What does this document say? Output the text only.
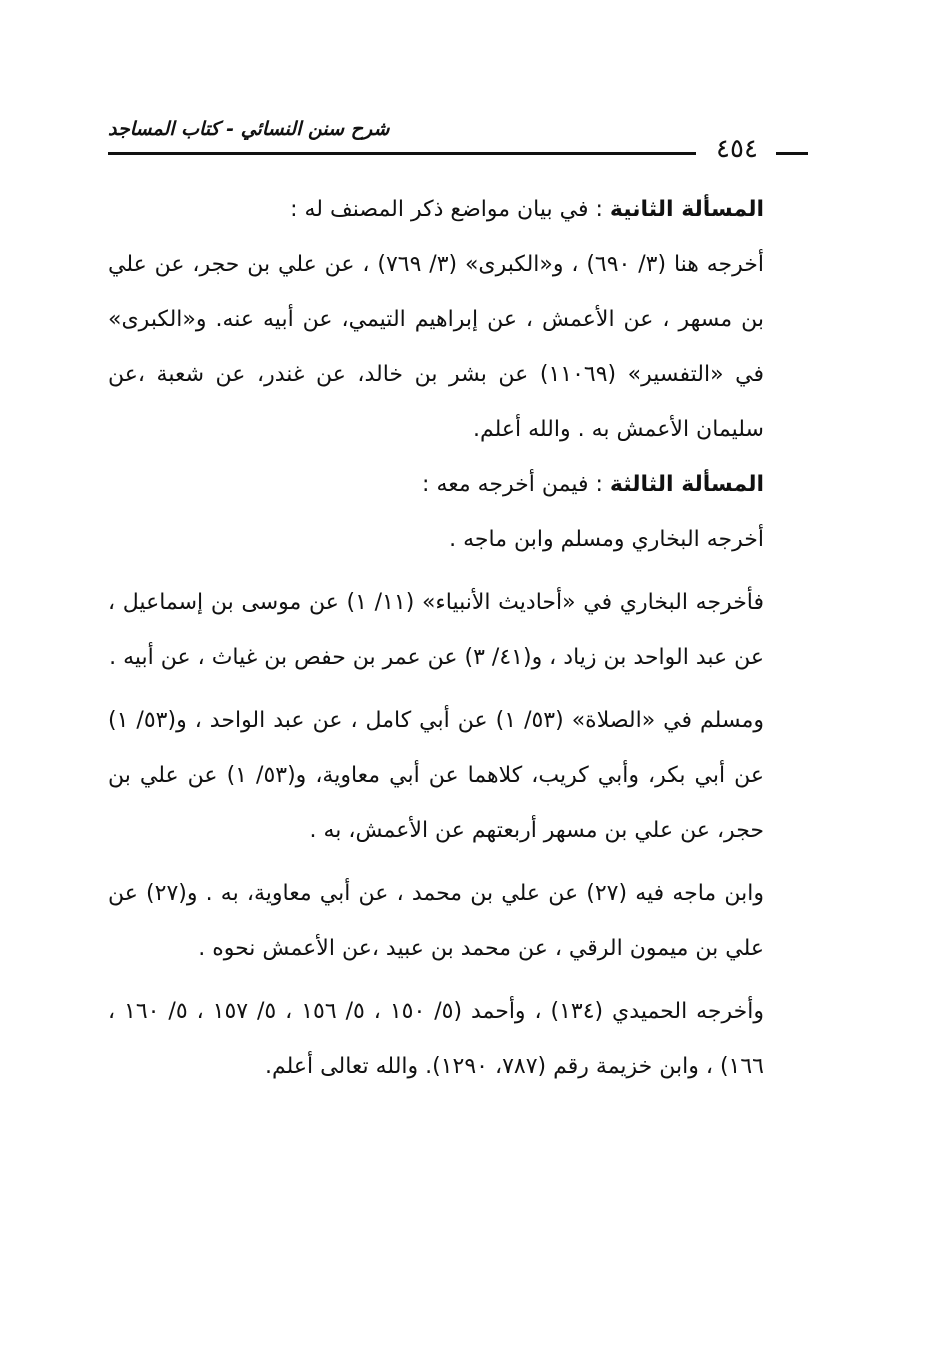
شرح سنن النسائي - كتاب المساجد
٤٥٤

المسألة الثانية : في بيان مواضع ذكر المصنف له :

أخرجه هنا (٣/ ٦٩٠) ، و«الكبرى» (٣/ ٧٦٩) ، عن علي بن حجر، عن علي بن مسهر ، عن الأعمش ، عن إبراهيم التيمي، عن أبيه عنه. و«الكبرى» في «التفسير» (١١٠٦٩) عن بشر بن خالد، عن غندر، عن شعبة ،عن سليمان الأعمش به . والله أعلم.

المسألة الثالثة : فيمن أخرجه معه :

أخرجه البخاري ومسلم وابن ماجه .

فأخرجه البخاري في «أحاديث الأنبياء» (١١/ ١) عن موسى بن إسماعيل ، عن عبد الواحد بن زياد ، و(٤١/ ٣) عن عمر بن حفص بن غياث ، عن أبيه .

ومسلم في «الصلاة» (٥٣/ ١) عن أبي كامل ، عن عبد الواحد ، و(٥٣/ ١) عن أبي بكر، وأبي كريب، كلاهما عن أبي معاوية، و(٥٣/ ١) عن علي بن حجر، عن علي بن مسهر أربعتهم عن الأعمش، به .

وابن ماجه فيه (٢٧) عن علي بن محمد ، عن أبي معاوية، به . و(٢٧) عن علي بن ميمون الرقي ، عن محمد بن عبيد ،عن الأعمش نحوه .

وأخرجه الحميدي (١٣٤) ، وأحمد (٥/ ١٥٠ ، ٥/ ١٥٦ ، ٥/ ١٥٧ ، ٥/ ١٦٠ ، ١٦٦) ، وابن خزيمة رقم (٧٨٧، ١٢٩٠). والله تعالى أعلم.
